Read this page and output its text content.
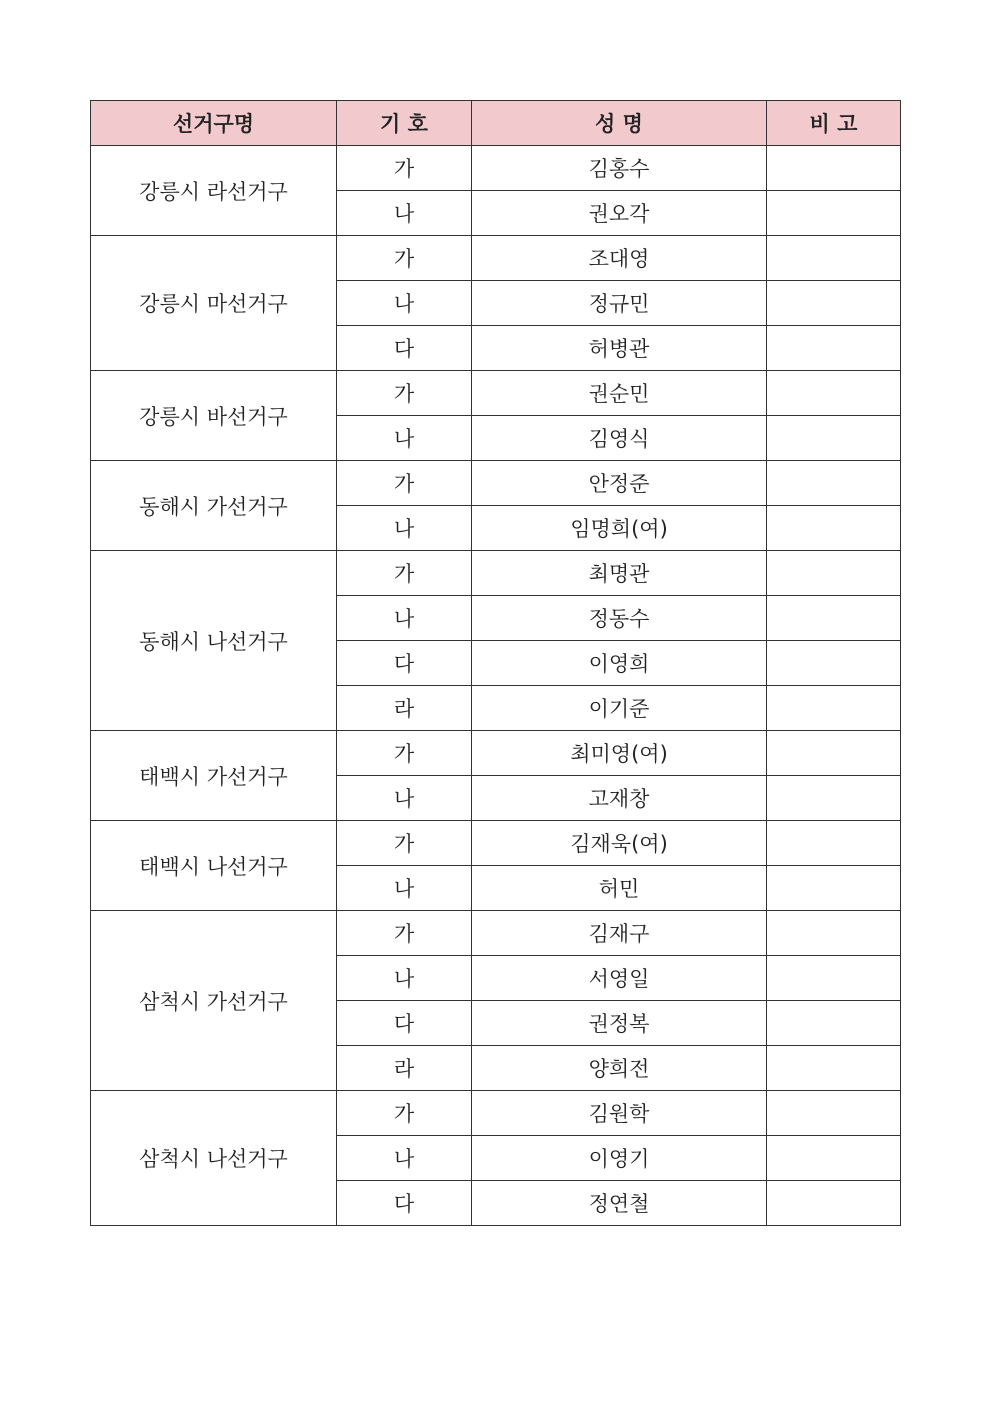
선거구명	기 호	성 명	비 고
강릉시 라선거구	가	김홍수	
	나	권오각	
강릉시 마선거구	가	조대영	
	나	정규민	
	다	허병관	
강릉시 바선거구	가	권순민	
	나	김영식	
동해시 가선거구	가	안정준	
	나	임명희(여)	
동해시 나선거구	가	최명관	
	나	정동수	
	다	이영희	
	라	이기준	
태백시 가선거구	가	최미영(여)	
	나	고재창	
태백시 나선거구	가	김재욱(여)	
	나	허민	
삼척시 가선거구	가	김재구	
	나	서영일	
	다	권정복	
	라	양희전	
삼척시 나선거구	가	김원학	
	나	이영기	
	다	정연철	
